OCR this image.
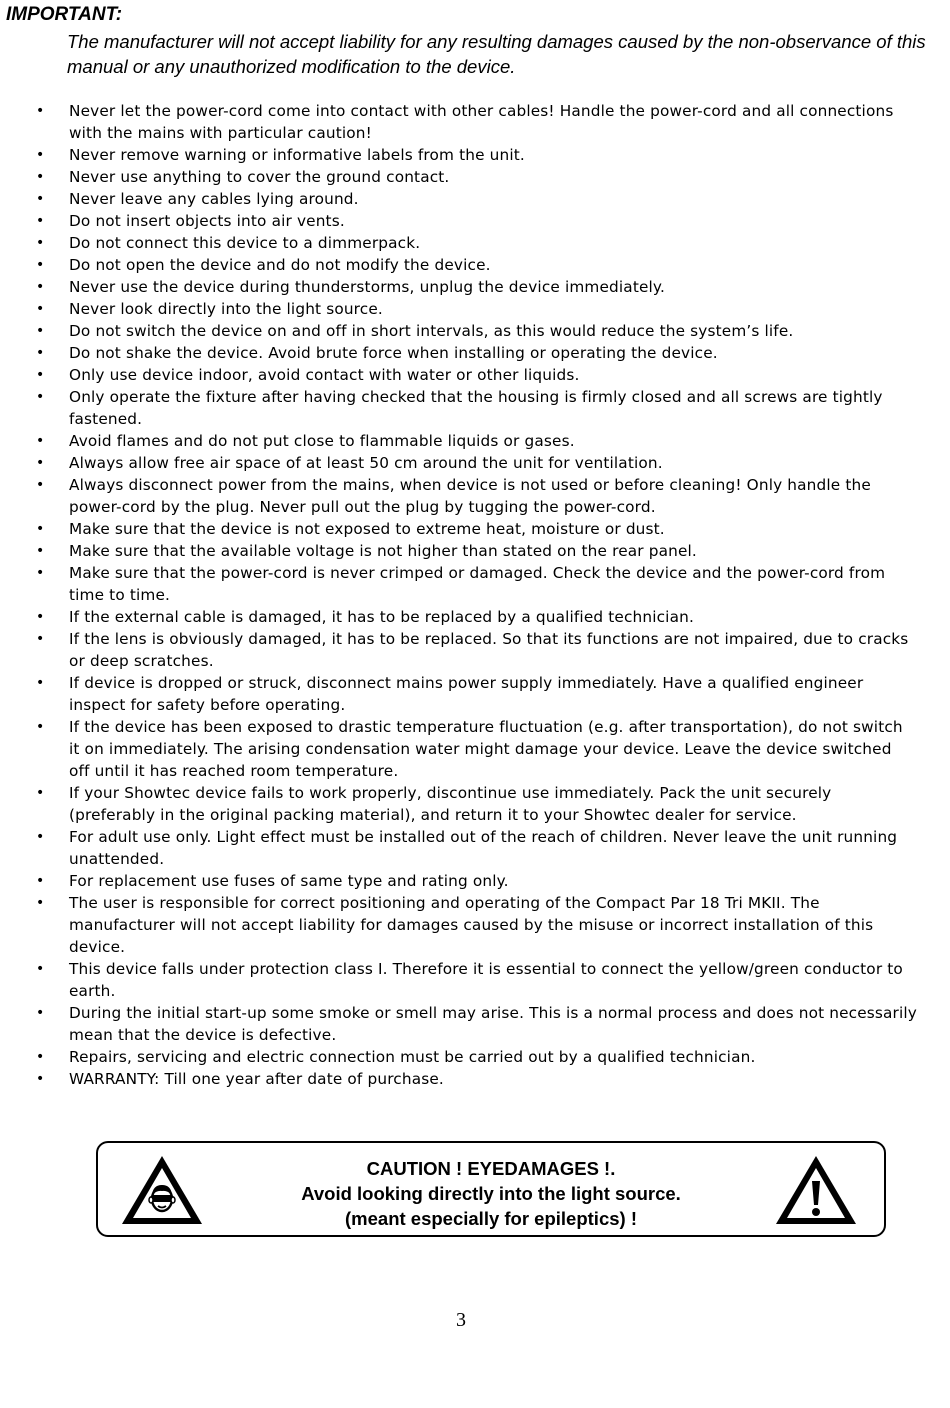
IMPORTANT:

The manufacturer will not accept liability for any resulting damages caused by the non-observance of this manual or any unauthorized modification to the device.

• Never let the power-cord come into contact with other cables! Handle the power-cord and all connections with the mains with particular caution!
• Never remove warning or informative labels from the unit.
• Never use anything to cover the ground contact.
• Never leave any cables lying around.
• Do not insert objects into air vents.
• Do not connect this device to a dimmerpack.
• Do not open the device and do not modify the device.
• Never use the device during thunderstorms, unplug the device immediately.
• Never look directly into the light source.
• Do not switch the device on and off in short intervals, as this would reduce the system’s life.
• Do not shake the device. Avoid brute force when installing or operating the device.
• Only use device indoor, avoid contact with water or other liquids.
• Only operate the fixture after having checked that the housing is firmly closed and all screws are tightly fastened.
• Avoid flames and do not put close to flammable liquids or gases.
• Always allow free air space of at least 50 cm around the unit for ventilation.
• Always disconnect power from the mains, when device is not used or before cleaning! Only handle the power-cord by the plug. Never pull out the plug by tugging the power-cord.
• Make sure that the device is not exposed to extreme heat, moisture or dust.
• Make sure that the available voltage is not higher than stated on the rear panel.
• Make sure that the power-cord is never crimped or damaged. Check the device and the power-cord from time to time.
• If the external cable is damaged, it has to be replaced by a qualified technician.
• If the lens is obviously damaged, it has to be replaced. So that its functions are not impaired, due to cracks or deep scratches.
• If device is dropped or struck, disconnect mains power supply immediately. Have a qualified engineer inspect for safety before operating.
• If the device has been exposed to drastic temperature fluctuation (e.g. after transportation), do not switch it on immediately. The arising condensation water might damage your device. Leave the device switched off until it has reached room temperature.
• If your Showtec device fails to work properly, discontinue use immediately. Pack the unit securely (preferably in the original packing material), and return it to your Showtec dealer for service.
• For adult use only. Light effect must be installed out of the reach of children. Never leave the unit running unattended.
• For replacement use fuses of same type and rating only.
• The user is responsible for correct positioning and operating of the Compact Par 18 Tri MKII. The manufacturer will not accept liability for damages caused by the misuse or incorrect installation of this device.
• This device falls under protection class I. Therefore it is essential to connect the yellow/green conductor to earth.
• During the initial start-up some smoke or smell may arise. This is a normal process and does not necessarily mean that the device is defective.
• Repairs, servicing and electric connection must be carried out by a qualified technician.
• WARRANTY: Till one year after date of purchase.
CAUTION ! EYEDAMAGES !.
Avoid looking directly into the light source.
(meant especially for epileptics) !
3
